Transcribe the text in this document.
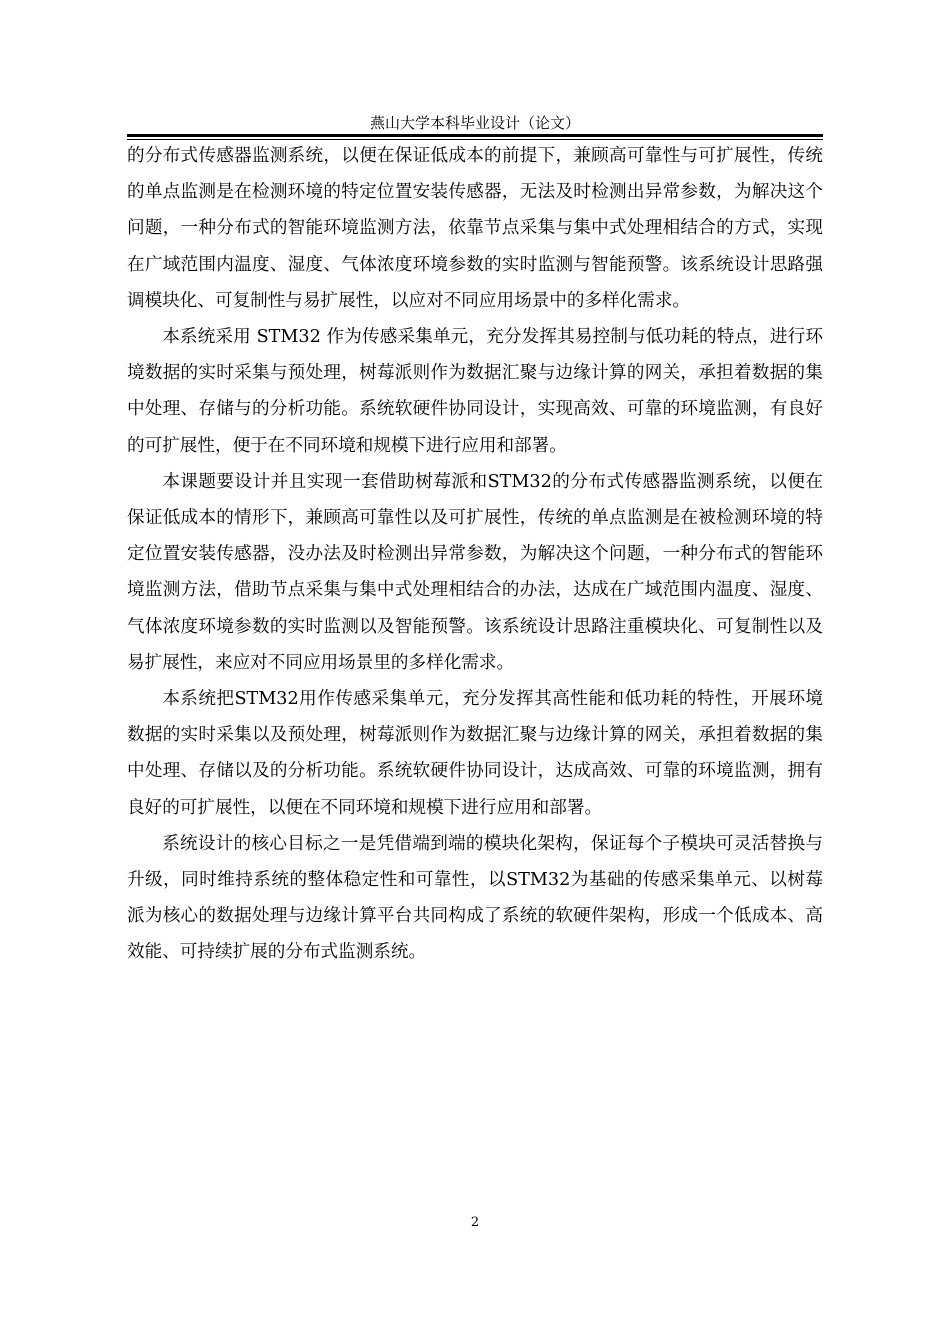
燕山大学本科毕业设计（论文）

的分布式传感器监测系统，以便在保证低成本的前提下，兼顾高可靠性与可扩展性，传统的单点监测是在检测环境的特定位置安装传感器，无法及时检测出异常参数，为解决这个问题，一种分布式的智能环境监测方法，依靠节点采集与集中式处理相结合的方式，实现在广域范围内温度、湿度、气体浓度环境参数的实时监测与智能预警。该系统设计思路强调模块化、可复制性与易扩展性，以应对不同应用场景中的多样化需求。

本系统采用 STM32 作为传感采集单元，充分发挥其易控制与低功耗的特点，进行环境数据的实时采集与预处理，树莓派则作为数据汇聚与边缘计算的网关，承担着数据的集中处理、存储与的分析功能。系统软硬件协同设计，实现高效、可靠的环境监测，有良好的可扩展性，便于在不同环境和规模下进行应用和部署。

本课题要设计并且实现一套借助树莓派和STM32的分布式传感器监测系统，以便在保证低成本的情形下，兼顾高可靠性以及可扩展性，传统的单点监测是在被检测环境的特定位置安装传感器，没办法及时检测出异常参数，为解决这个问题，一种分布式的智能环境监测方法，借助节点采集与集中式处理相结合的办法，达成在广域范围内温度、湿度、气体浓度环境参数的实时监测以及智能预警。该系统设计思路注重模块化、可复制性以及易扩展性，来应对不同应用场景里的多样化需求。

本系统把STM32用作传感采集单元，充分发挥其高性能和低功耗的特性，开展环境数据的实时采集以及预处理，树莓派则作为数据汇聚与边缘计算的网关，承担着数据的集中处理、存储以及的分析功能。系统软硬件协同设计，达成高效、可靠的环境监测，拥有良好的可扩展性，以便在不同环境和规模下进行应用和部署。

系统设计的核心目标之一是凭借端到端的模块化架构，保证每个子模块可灵活替换与升级，同时维持系统的整体稳定性和可靠性，以STM32为基础的传感采集单元、以树莓派为核心的数据处理与边缘计算平台共同构成了系统的软硬件架构，形成一个低成本、高效能、可持续扩展的分布式监测系统。

2
